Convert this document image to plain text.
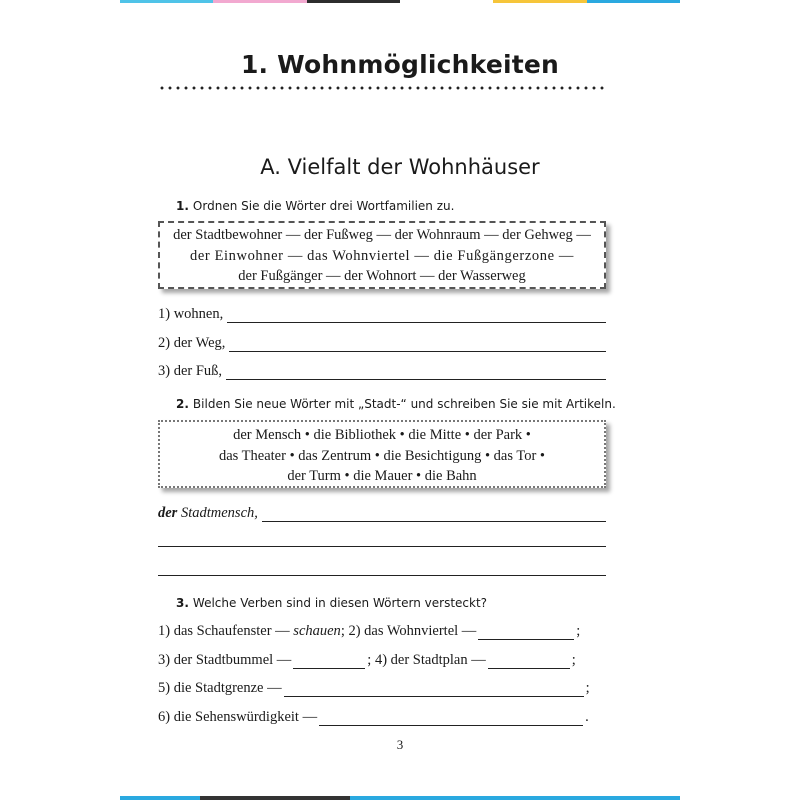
1. Wohnmöglichkeiten
A. Vielfalt der Wohnhäuser
1. Ordnen Sie die Wörter drei Wortfamilien zu.
der Stadtbewohner — der Fußweg — der Wohnraum — der Gehweg —
der Einwohner — das Wohnviertel — die Fußgängerzone —
der Fußgänger — der Wohnort — der Wasserweg
1) wohnen,
2) der Weg,
3) der Fuß,
2. Bilden Sie neue Wörter mit „Stadt-“ und schreiben Sie sie mit Artikeln.
der Mensch • die Bibliothek • die Mitte • der Park •
das Theater • das Zentrum • die Besichtigung • das Tor •
der Turm • die Mauer • die Bahn
der Stadtmensch,
3. Welche Verben sind in diesen Wörtern versteckt?
1) das Schaufenster —
schauen ; 2) das Wohnviertel —	;
3) der Stadtbummel —	; 4) der Stadtplan —	;
5) die Stadtgrenze —	;
6) die Sehenswürdigkeit —	.
3
